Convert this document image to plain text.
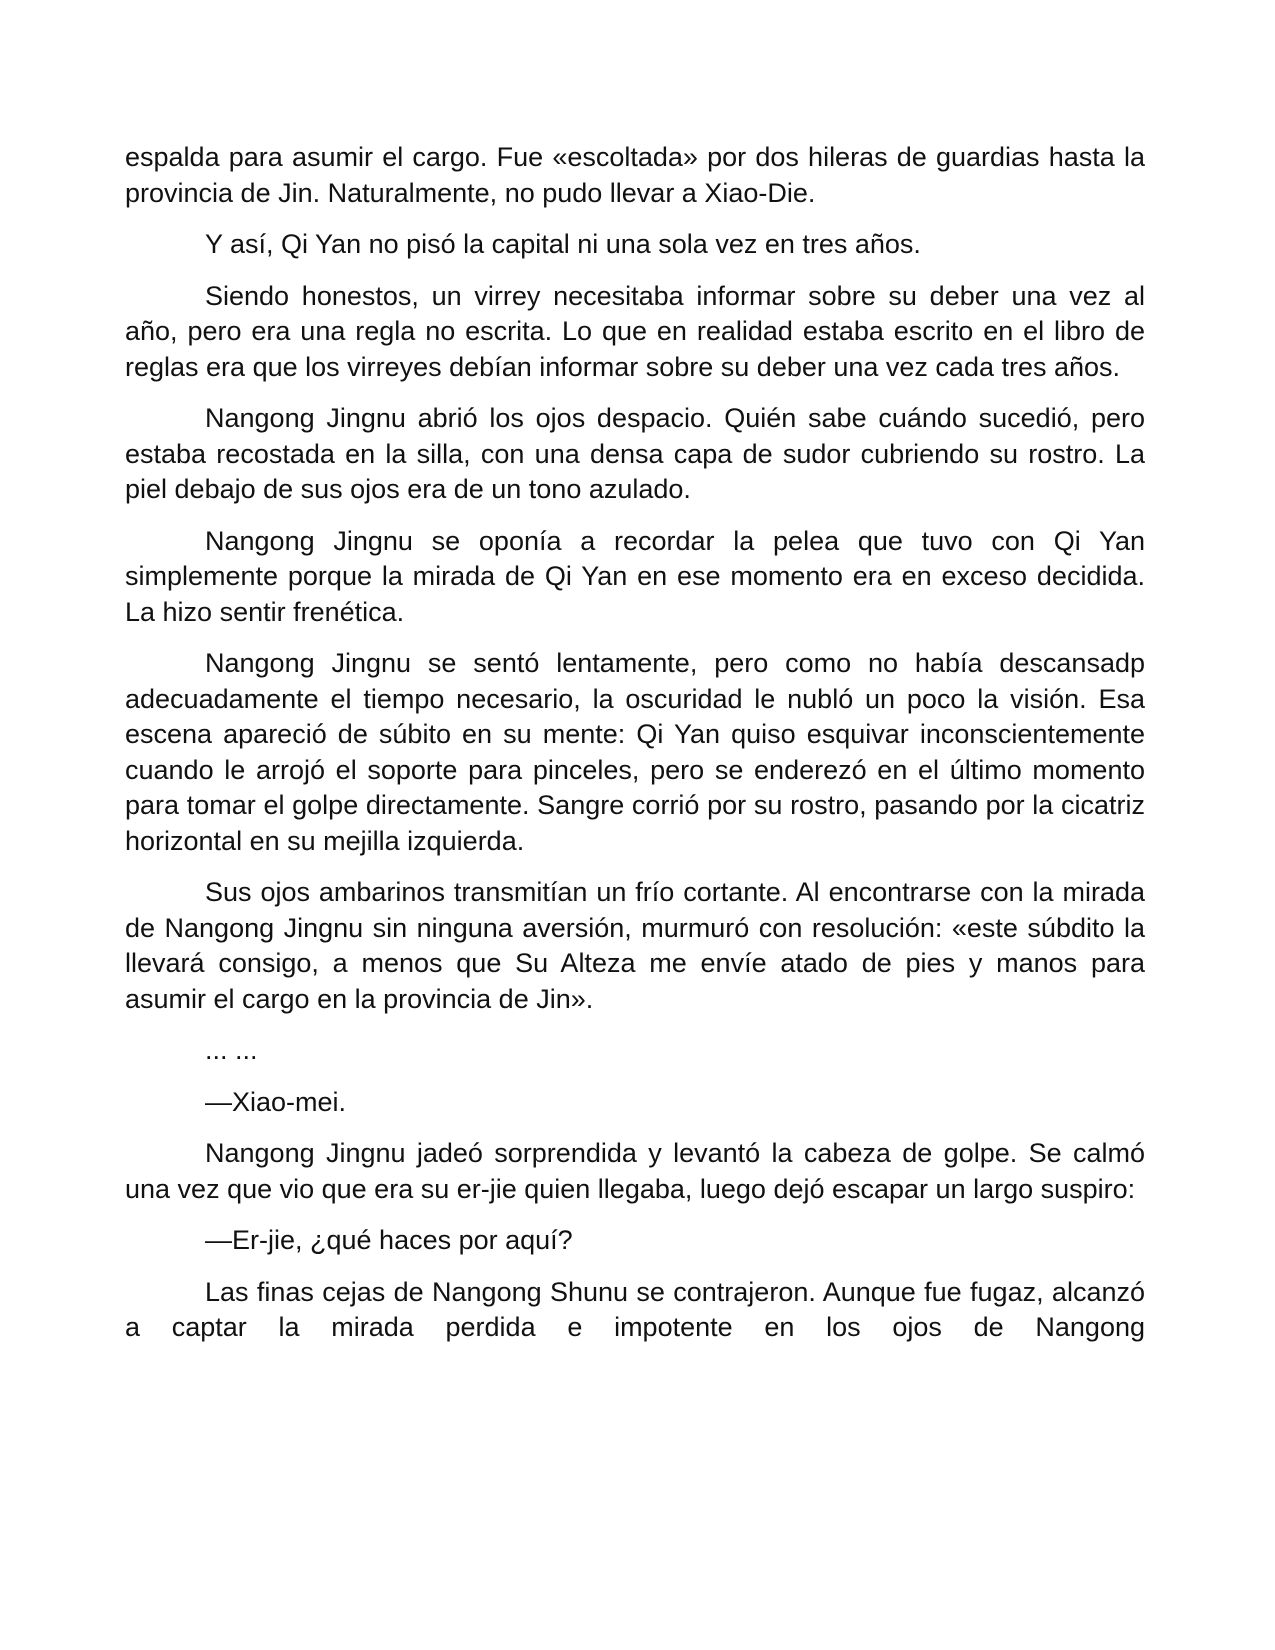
espalda para asumir el cargo. Fue «escoltada» por dos hileras de guardias hasta la provincia de Jin. Naturalmente, no pudo llevar a Xiao-Die.

Y así, Qi Yan no pisó la capital ni una sola vez en tres años.

Siendo honestos, un virrey necesitaba informar sobre su deber una vez al año, pero era una regla no escrita. Lo que en realidad estaba escrito en el libro de reglas era que los virreyes debían informar sobre su deber una vez cada tres años.

Nangong Jingnu abrió los ojos despacio. Quién sabe cuándo sucedió, pero estaba recostada en la silla, con una densa capa de sudor cubriendo su rostro. La piel debajo de sus ojos era de un tono azulado.

Nangong Jingnu se oponía a recordar la pelea que tuvo con Qi Yan simplemente porque la mirada de Qi Yan en ese momento era en exceso decidida. La hizo sentir frenética.

Nangong Jingnu se sentó lentamente, pero como no había descansadp adecuadamente el tiempo necesario, la oscuridad le nubló un poco la visión. Esa escena apareció de súbito en su mente: Qi Yan quiso esquivar inconscientemente cuando le arrojó el soporte para pinceles, pero se enderezó en el último momento para tomar el golpe directamente. Sangre corrió por su rostro, pasando por la cicatriz horizontal en su mejilla izquierda.

Sus ojos ambarinos transmitían un frío cortante. Al encontrarse con la mirada de Nangong Jingnu sin ninguna aversión, murmuró con resolución: «este súbdito la llevará consigo, a menos que Su Alteza me envíe atado de pies y manos para asumir el cargo en la provincia de Jin».

... ...

—Xiao-mei.

Nangong Jingnu jadeó sorprendida y levantó la cabeza de golpe. Se calmó una vez que vio que era su er-jie quien llegaba, luego dejó escapar un largo suspiro:

—Er-jie, ¿qué haces por aquí?

Las finas cejas de Nangong Shunu se contrajeron. Aunque fue fugaz, alcanzó a captar la mirada perdida e impotente en los ojos de Nangong
